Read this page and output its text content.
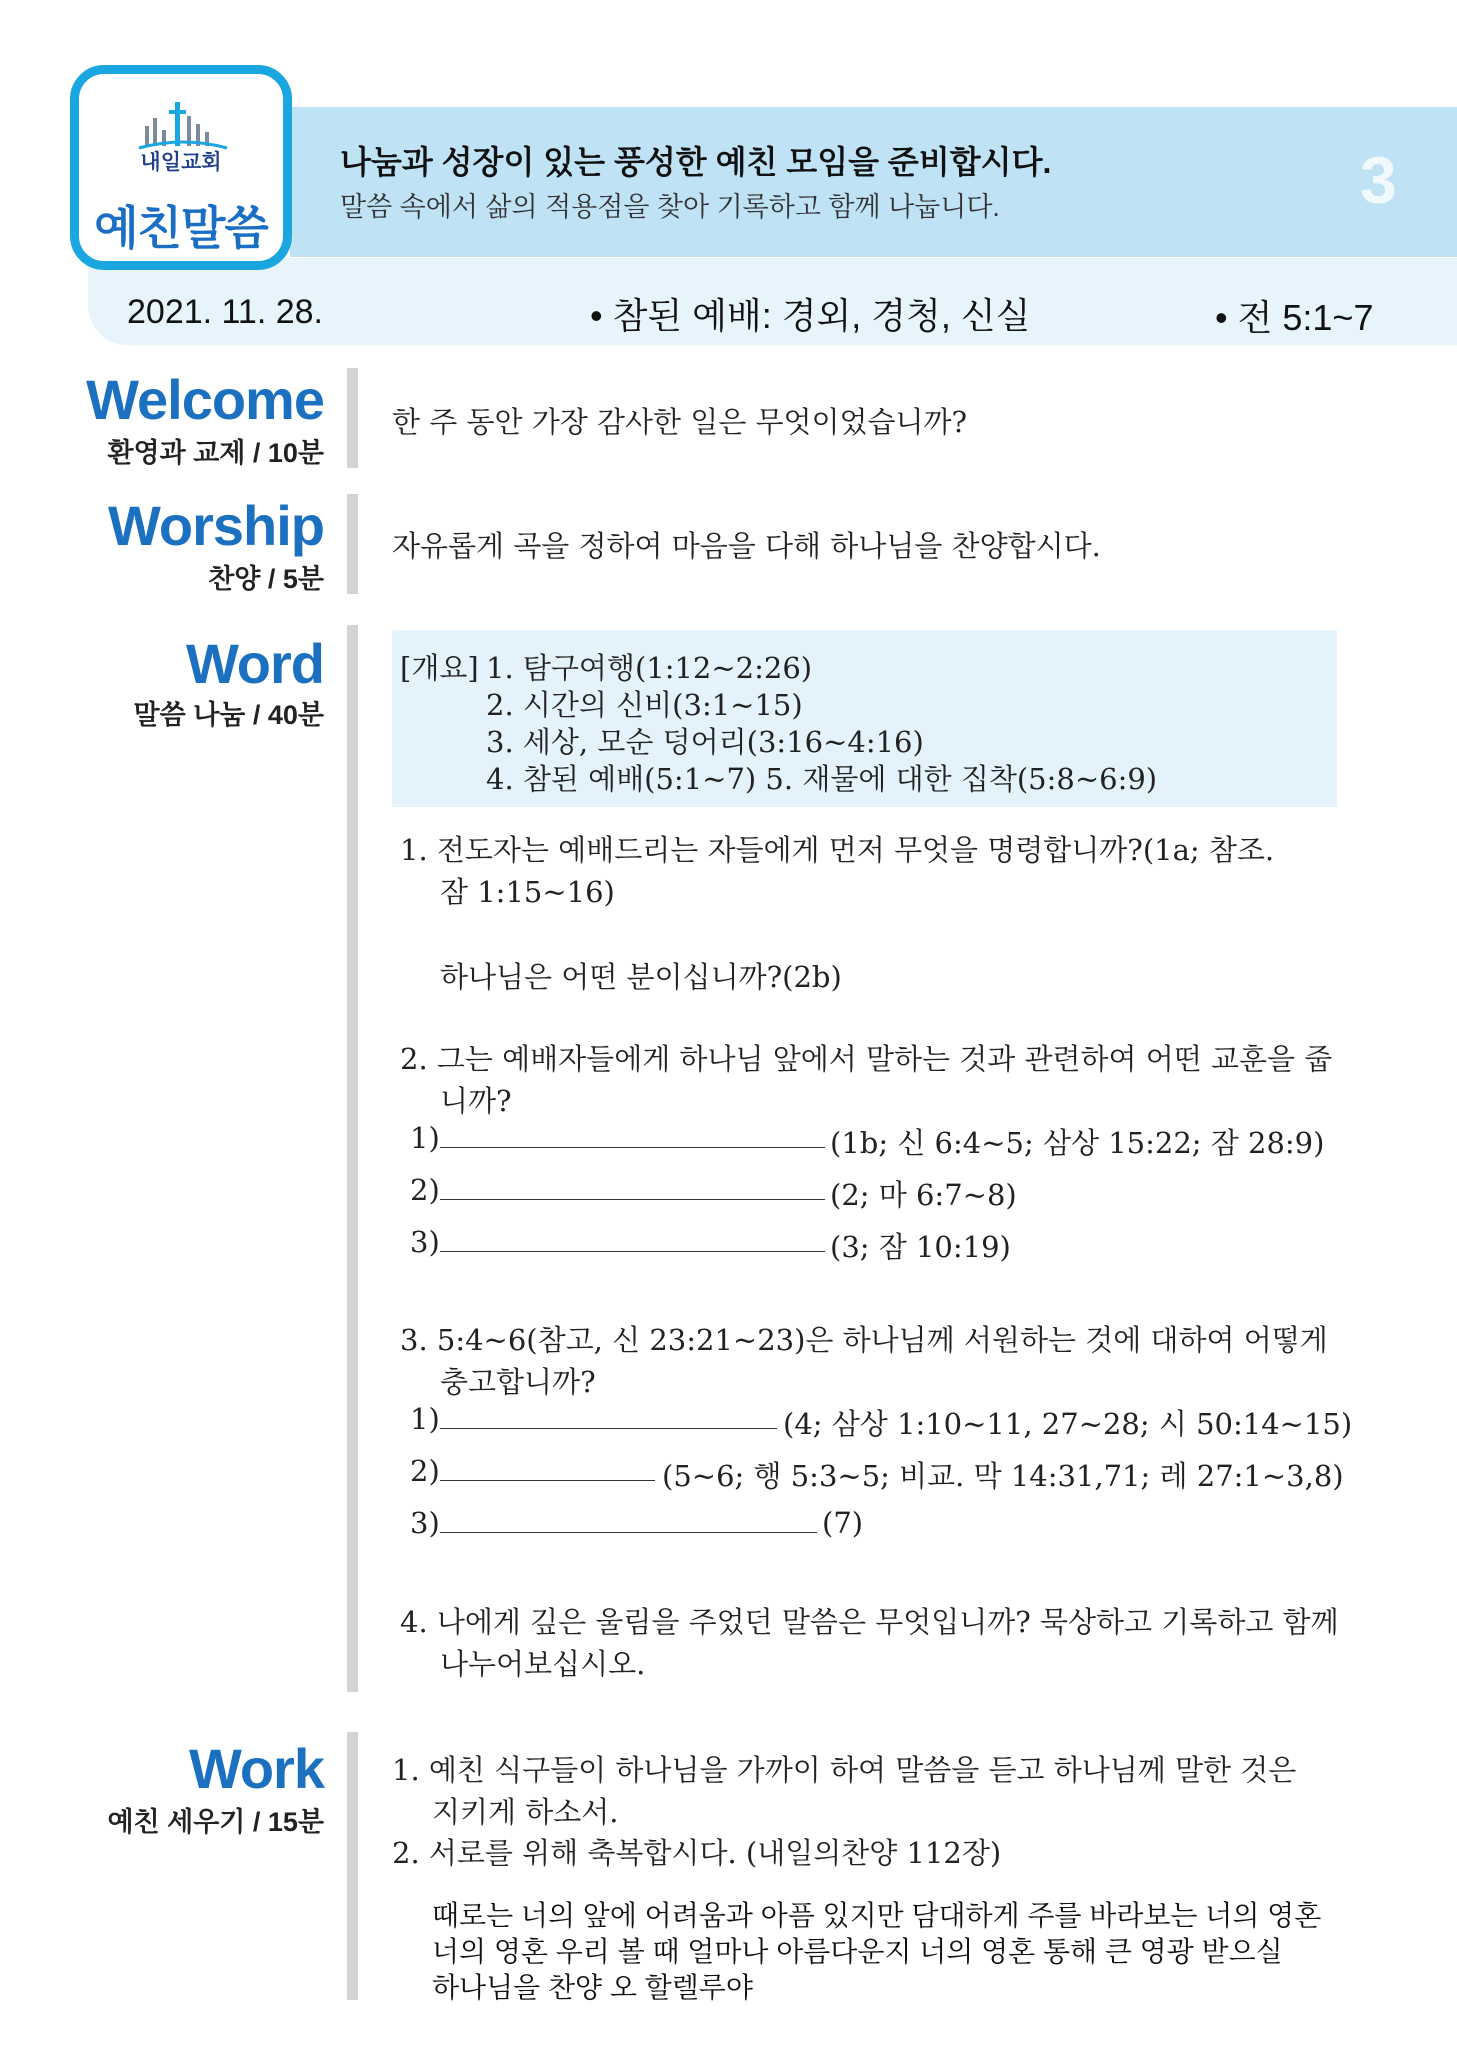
내일교회
예친말씀
나눔과 성장이 있는 풍성한 예친 모임을 준비합시다.
말씀 속에서 삶의 적용점을 찾아 기록하고 함께 나눕니다.	3
2021. 11. 28.	• 참된 예배: 경외, 경청, 신실	• 전 5:1~7
Welcome
환영과 교제 / 10분
한 주 동안 가장 감사한 일은 무엇이었습니까?
Worship
찬양 / 5분
자유롭게 곡을 정하여 마음을 다해 하나님을 찬양합시다.
Word
말씀 나눔 / 40분
[개요] 1. 탐구여행(1:12~2:26)
2. 시간의 신비(3:1~15)
3. 세상, 모순 덩어리(3:16~4:16)
4. 참된 예배(5:1~7) 5. 재물에 대한 집착(5:8~6:9)
1. 전도자는 예배드리는 자들에게 먼저 무엇을 명령합니까?(1a; 참조.
잠 1:15~16)
하나님은 어떤 분이십니까?(2b)
2. 그는 예배자들에게 하나님 앞에서 말하는 것과 관련하여 어떤 교훈을 줍
니까?
1)	(1b; 신 6:4~5; 삼상 15:22; 잠 28:9)
2)	(2; 마 6:7~8)
3)	(3; 잠 10:19)
3. 5:4~6(참고, 신 23:21~23)은 하나님께 서원하는 것에 대하여 어떻게
충고합니까?
1)	(4; 삼상 1:10~11, 27~28; 시 50:14~15)
2)	(5~6; 행 5:3~5; 비교. 막 14:31,71; 레 27:1~3,8)
3)	(7)
4. 나에게 깊은 울림을 주었던 말씀은 무엇입니까? 묵상하고 기록하고 함께
나누어보십시오.
Work
예친 세우기 / 15분
1. 예친 식구들이 하나님을 가까이 하여 말씀을 듣고 하나님께 말한 것은
지키게 하소서.
2. 서로를 위해 축복합시다. (내일의찬양 112장)
때로는 너의 앞에 어려움과 아픔 있지만 담대하게 주를 바라보는 너의 영혼
너의 영혼 우리 볼 때 얼마나 아름다운지 너의 영혼 통해 큰 영광 받으실
하나님을 찬양 오 할렐루야
